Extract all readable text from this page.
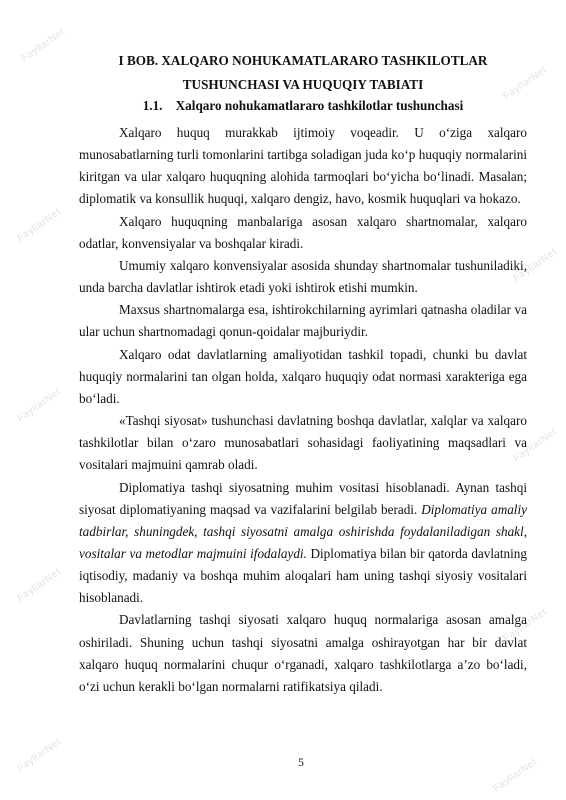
FayllarNet
FayllarNet
FayllarNet
FayllarNet
FayllarNet
FayllarNet
FayllarNet
FayllarNet
FayllarNet
FayllarNet
I BOB. XALQARO NOHUKAMATLARARO TASHKILOTLAR
TUSHUNCHASI VA HUQUQIY TABIATI
1.1. Xalqaro nohukamatlararo tashkilotlar tushunchasi

Xalqaro huquq murakkab ijtimoiy voqeadir. U o‘ziga xalqaro munosabatlarning turli tomonlarini tartibga soladigan juda ko‘p huquqiy normalarini kiritgan va ular xalqaro huquqning alohida tarmoqlari bo‘yicha bo‘linadi. Masalan; diplomatik va konsullik huquqi, xalqaro dengiz, havo, kosmik huquqlari va hokazo.

Xalqaro huquqning manbalariga asosan xalqaro shartnomalar, xalqaro odatlar, konvensiyalar va boshqalar kiradi.

Umumiy xalqaro konvensiyalar asosida shunday shartnomalar tushuniladiki, unda barcha davlatlar ishtirok etadi yoki ishtirok etishi mumkin.

Maxsus shartnomalarga esa, ishtirokchilarning ayrimlari qatnasha oladilar va ular uchun shartnomadagi qonun-qoidalar majburiydir.

Xalqaro odat davlatlarning amaliyotidan tashkil topadi, chunki bu davlat huquqiy normalarini tan olgan holda, xalqaro huquqiy odat normasi xarakteriga ega bo‘ladi.

«Tashqi siyosat» tushunchasi davlatning boshqa davlatlar, xalqlar va xalqaro tashkilotlar bilan o‘zaro munosabatlari sohasidagi faoliyatining maqsadlari va vositalari majmuini qamrab oladi.

Diplomatiya tashqi siyosatning muhim vositasi hisoblanadi. Aynan tashqi siyosat diplomatiyaning maqsad va vazifalarini belgilab beradi. Diplomatiya amaliy tadbirlar, shuningdek, tashqi siyosatni amalga oshirishda foydalaniladigan shakl, vositalar va metodlar majmuini ifodalaydi. Diplomatiya bilan bir qatorda davlatning iqtisodiy, madaniy va boshqa muhim aloqalari ham uning tashqi siyosiy vositalari hisoblanadi.

Davlatlarning tashqi siyosati xalqaro huquq normalariga asosan amalga oshiriladi. Shuning uchun tashqi siyosatni amalga oshirayotgan har bir davlat xalqaro huquq normalarini chuqur o‘rganadi, xalqaro tashkilotlarga a’zo bo‘ladi, o‘zi uchun kerakli bo‘lgan normalarni ratifikatsiya qiladi.

5
